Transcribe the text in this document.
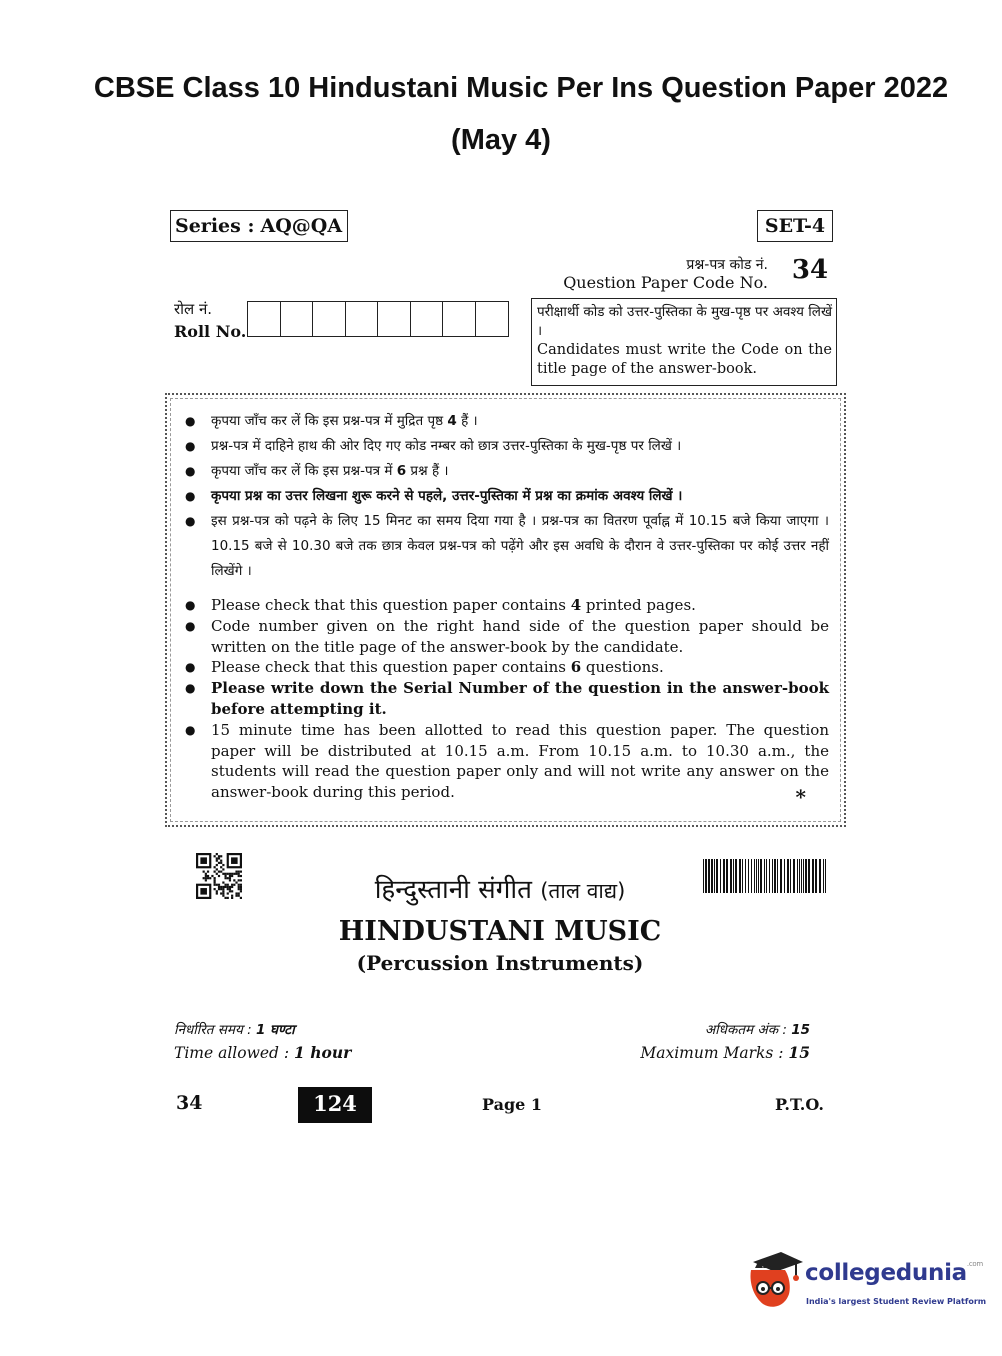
CBSE Class 10 Hindustani Music Per Ins Question Paper 2022
(May 4)
Series : AQ@QA	SET-4
प्रश्न-पत्र कोड नं.
Question Paper Code No. 34
रोल नं.
Roll No.
परीक्षार्थी कोड को उत्तर-पुस्तिका के मुख-पृष्ठ पर अवश्य लिखें ।
Candidates must write the Code on the title page of the answer-book.
● कृपया जाँच कर लें कि इस प्रश्न-पत्र में मुद्रित पृष्ठ 4 हैं ।
● प्रश्न-पत्र में दाहिने हाथ की ओर दिए गए कोड नम्बर को छात्र उत्तर-पुस्तिका के मुख-पृष्ठ पर लिखें ।
● कृपया जाँच कर लें कि इस प्रश्न-पत्र में 6 प्रश्न हैं ।
● कृपया प्रश्न का उत्तर लिखना शुरू करने से पहले, उत्तर-पुस्तिका में प्रश्न का क्रमांक अवश्य लिखें ।
● इस प्रश्न-पत्र को पढ़ने के लिए 15 मिनट का समय दिया गया है । प्रश्न-पत्र का वितरण पूर्वाह्न में 10.15 बजे किया जाएगा । 10.15 बजे से 10.30 बजे तक छात्र केवल प्रश्न-पत्र को पढ़ेंगे और इस अवधि के दौरान वे उत्तर-पुस्तिका पर कोई उत्तर नहीं लिखेंगे ।
● Please check that this question paper contains 4 printed pages.
● Code number given on the right hand side of the question paper should be written on the title page of the answer-book by the candidate.
● Please check that this question paper contains 6 questions.
● Please write down the Serial Number of the question in the answer-book before attempting it.
● 15 minute time has been allotted to read this question paper. The question paper will be distributed at 10.15 a.m. From 10.15 a.m. to 10.30 a.m., the students will read the question paper only and will not write any answer on the answer-book during this period.	*
हिन्दुस्तानी संगीत (ताल वाद्य)
HINDUSTANI MUSIC
(Percussion Instruments)
निर्धारित समय : 1 घण्टा
Time allowed : 1 hour
अधिकतम अंक : 15
Maximum Marks : 15
34	124	Page 1	P.T.O.
collegedunia$^{.com}$
India's largest Student Review Platform
